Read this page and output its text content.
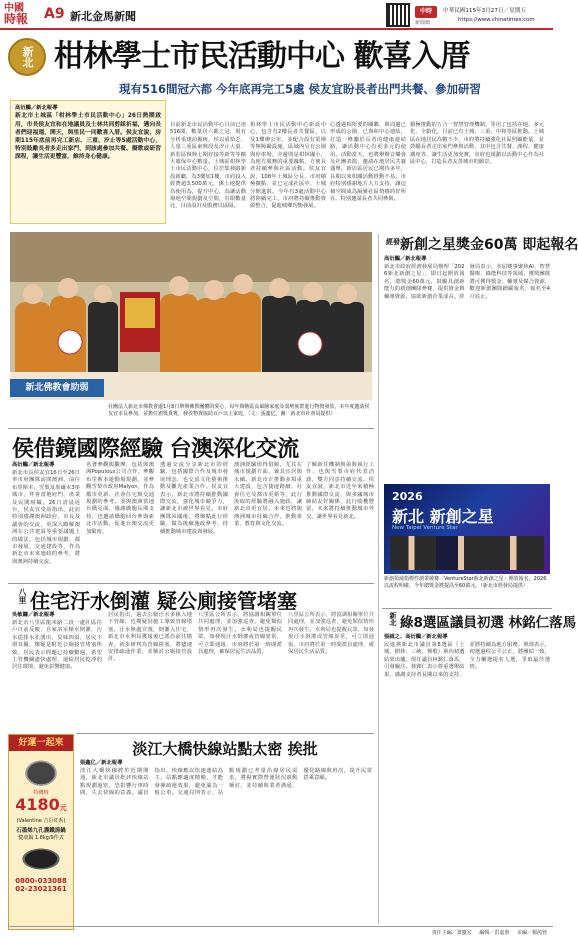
中國
時報	A9 新北金馬新聞	中時
新聞網
中華民國115年3月27日／星期五
https://www.chinatimes.com
新北 柑林學士市民活動中心 歡喜入厝
現有516間冠六都 今年底再完工5處 侯友宜盼長者出門共餐、參加研習
高衍鵬／新北報導
新北市土城區「柑林學士市民活動中心」26日熱鬧啟用，市長侯友宜和在地議員及士林共同剪綵祈福，邁向長者們迎福週，開天，與里民一同歡喜入厝。侯友宜說，房期115年底前再完工新店、三重、汐止等5處活動中心，特別鼓勵長者多走出家門，到該處參加共餐、擬歌或研習課程，讓生活更豐富，維持身心健康。
目前新北市民活動中心目前已達516間，數量居六都之冠，現有分析重建前擬統，侯以重拾乏、人量三重區東興段及汐止大量、新莊區復興七期好接等新等等擴大確保中心數量。土城區柑林學士市民活動中心，位於集發路新設新廳，為3樓加1樓，市府投入經費超3,500萬元，係土地提供為使用為，提升中心，為讓活動場地空間規劃及空間，有限數量比，目前設計及服務以區隔。
相林學士市民活動中心新設中心，包含有2樓長者共餐區，以及1樓辦公室，並配合設有電梯等無障礙設施，區域內另有公園與停車場，旁邊則是柑林國小，為地方服務的重要據點，方便長者持續參與社區活動。侯友宜說，108年土城區分長，市府積極擴點，並已完成社區中、土城分館進駐。今年有3處活動中心將陸續完工，市府將持續推動資源整合，促進城鄉均衡發展。
心透過相所要的關聯，與周邊已形成的公園，已與和中心連結，打造一條屬於長者的健康連結路，讓活動中心有更多元的使用。活動當天，也將舉辦音樂會及社團表演，邀請在地居民共襄盛舉，新店區居民已期待多年，長期以來相關活動推動不易。市府特別感謝地方大力支持，讓這個空間成為凝聚社區情感的好所在。特別邀請長者共同參與。
積極推動的五合一智慧管理機制，等用了包括在地、多元化、全齡化，目前已有土城、三重、中和等區推動。土城區在地居民為數不少，市府將持續強化社區照顧能量，並鼓勵長者走出家門參與活動，其中包含共餐、課程、健康講座等，讓生活更加充實。市府也規劃以活動中心作為社區中心，打造長者友善城市的願景。
新北佛教會助弱
社團法人新北市佛教會邊1月8日舉辦佛教團體的愛心，每年與轄區高風險家庭及弱勢族群進行物資發放，本年度邀請侯友宜市長參加，並擔任頒獎貴賓，發放物資協助百戶以上家庭。（文：張鑫亿，圖：新北市社會局提供）
侯借鏡國際經驗 台澳深化交流
高衍鵬／新北報導
新北市長侯友宜16日至26日率市府團隊訪問澳洲，前往布里斯本、雪梨及墨爾本3座城市，拜會當地府門、產業及民間組織。26日清晨返台，侯友宜受訪指出，此訪特別感謝澳洲政府，市長及議會的交流，更深入瞭解澳洲在公共建設等重要議題上的做法，包括城市規劃、都市發展、交通建設等，作為新北市未來施政的參考，將與澳洲持續交流。
名著參觀與觀摩，包括與澳洲Populous公司合作，參觀布里斯本運動場規劃，並參觀雪梨市政府Malyon，作為都市更新、社會住宅與交通規劃的參考。並與澳洲當地台僑見面，感謝僑胞長期支持，也邀請僑胞回台參與新北市活動，促進台澳交流更加緊密。
透過交流分享新北市的經驗，包括國際合作及城市發展理念，也交流文化藝術推動及觀光產業合作。侯友宜表示，新北市將持續推動國際交流，強化城市競爭力，讓新北市被世界看見。市府團隊回國後，將盤點此行經驗，做為後續施政參考，持續推動城市建設與發展。
澳洲經驗值得借鏡，尤其在城市規劃方面，兼具宜居與永續。新北市正推動多項重大建設，包含捷運路網、社會住宅及都市更新等，此行汲取的經驗將融入施政，讓新北市更宜居。未來也將與澳洲城市持續合作，推動產業、教育與文化交流。
了解新任機制與第與執行工作，也與雪梨市府代表洽談，雙方同意持續交流。侯友宜說，新北市近年來積極推動國際交流，與多國城市締結友好關係，此行收穫豐富，未來將持續推動城市外交，讓世界看見新北。
八里 住宅汙水倒灌 疑公廁接管堵塞
吳敏鏞／新北報導
新北市八里區龍米路二段一處社區住戶日前反映，自家浴室積水倒灌，污水從排水孔湧出，臭味四溢，居民不堪其擾，懷疑是附近公廁接管堵塞所致。居民表示問題已持續數週，希望主管機關盡快處理，還給居民乾淨的居住環境，避免影響健康。
居民指出，過去公廁汙水多匯入地下管線，近期疑因施工導致管線堵塞，汙水無處宣洩，倒灌入住宅，新北市水利局獲報後已派員前往勘查，初步研判為管線阻塞，將儘速安排疏通作業，並檢討公廁接管設計。
八里區公所表示，將協調相關單位共同處理，並加強巡查，避免類似情形再次發生。水利局也提醒民眾，如發現汙水倒灌或管線異常，可立即通報，市府將於第一時間派員處理，確保居民生活品質。
八里區公所表示，將協調相關單位共同處理，並加強巡查，避免類似情形再次發生。水利局也提醒民眾，如發現汙水倒灌或管線異常，可立即通報，市府將於第一時間派員處理，確保居民生活品質。
淡江大橋快線站點太密 挨批
張鑫亿／新北報導
淡江大橋快線將於近期開通，新北市議員批評快線站點規劃過密，恐影響行車時間，失去快線的意義。議員指出，快線應以快速連結為主，站點應適度精簡，才能發揮疏運效果，避免淪為一般公車。交通局則表示，站點規劃已考量沿線居民需求，將視實際營運狀況滾動檢討，並持續與業者溝通，優化路線與班次，提升民眾搭乘意願。
好運一起來
特價時
4180元
(Valentine 吉臣紅系)
石墨烯九孔護鐵湯鍋
健康鍋 1.8kg/9件式
0800-033088
02-23021361
經發 新創之星獎金60萬 即起報名
高衍鵬／新北報導
新北市政府經濟發展局辦理「2026新北新創之星」，即日起開放報名，總獎金60萬元，鼓勵具創新能力的新創團隊參賽，提供資金與輔導資源，協助新創企業成長。經發局表示，本屆賽事聚焦AI、智慧醫療、綠能科技等領域，獲獎團隊將可獲得獎金、輔導及媒合資源，歡迎新創團隊踴躍報名，報名至4月底止。
2026
新北 新創之星
New Taipei Venture Star
新創領域指標性創業競賽「VentureStar新北新創之星」開放報名，2026以流程明確，今年總獎金將提高至60萬元。（新北市經發局提供）
新北 綠8選區議員初選 林銘仁落馬
張誠之、高衍鵬／新北報導
民進黨新北市議員第8選區（土城、樹林、三峽、鶯歌）黨內初選結果出爐，現任議員林銘仁落馬，引發關注。林銘仁表示尊重選舉結果，感謝支持者長期以來的支持，並將持續為地方服務。黨部表示，初選過程公平公正，將團結一致，全力輔選提名人選，爭取最佳選情。
責任主編／葉慶宏 編輯／洪嘉惠 美編／楊茜蓉
